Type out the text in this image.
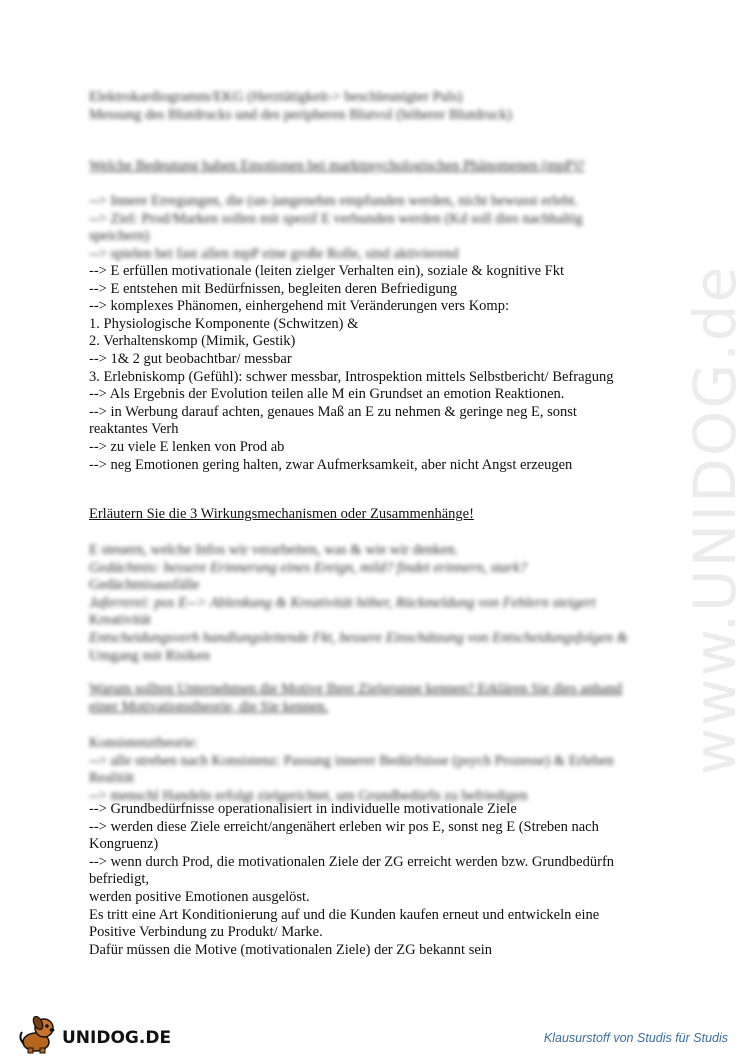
www.UNIDOG.de
Elektrokardiogramm/EKG (Herztätigkeit-> beschleunigter Puls)
Messung des Blutdrucks und des peripheren Blutvol (höherer Blutdruck)
Welche Bedeutung haben Emotionen bei marktpsychologischen Phänomenen (mpP)?
--> Innere Erregungen, die (un-)angenehm empfunden werden, nicht bewusst erlebt.
--> Ziel: Prod/Marken sollen mit spezif E verbunden werden (Kd soll dies nachhaltig
speichern)
--> spielen bei fast allen mpP eine große Rolle, sind aktivierend
--> E erfüllen motivationale (leiten zielger Verhalten ein), soziale & kognitive Fkt
--> E entstehen mit Bedürfnissen, begleiten deren Befriedigung
--> komplexes Phänomen, einhergehend mit Veränderungen vers Komp:
1. Physiologische Komponente (Schwitzen) &
2. Verhaltenskomp (Mimik, Gestik)
--> 1& 2 gut beobachtbar/ messbar
3. Erlebniskomp (Gefühl): schwer messbar, Introspektion mittels Selbstbericht/ Befragung
--> Als Ergebnis der Evolution teilen alle M ein Grundset an emotion Reaktionen.
--> in Werbung darauf achten, genaues Maß an E zu nehmen & geringe neg E, sonst
reaktantes Verh
--> zu viele E lenken von Prod ab
--> neg Emotionen gering halten, zwar Aufmerksamkeit, aber nicht Angst erzeugen
Erläutern Sie die 3 Wirkungsmechanismen oder Zusammenhänge!
E steuern, welche Infos wir verarbeiten, was & wie wir denken.
Gedächtnis: bessere Erinnerung eines Ereign, mild? findet erinnern, stark?
Gedächtnisausfälle
Jaferrerei: pos E--> Ablenkung & Kreativität höher, Rückmeldung von Fehlern steigert
Kreativität
Entscheidungsverh handlungsleitende Fkt, bessere Einschätzung von Entscheidungsfolgen &
Umgang mit Risiken
Warum sollten Unternehmen die Motive Ihrer Zielgruppe kennen? Erklären Sie dies anhand
einer Motivationstheorie, die Sie kennen.
Konsistenztheorie:
--> alle streben nach Konsistenz: Passung innerer Bedürfnisse (psych Prozesse) & Erleben
Realität
--> menschl Handeln erfolgt zielgerichtet, um Grundbedürfn zu befriedigen
--> Grundbedürfnisse operationalisiert in individuelle motivationale Ziele
--> werden diese Ziele erreicht/angenähert erleben wir pos E, sonst neg E (Streben nach
Kongruenz)
--> wenn durch Prod, die motivationalen Ziele der ZG erreicht werden bzw. Grundbedürfn
befriedigt,
werden positive Emotionen ausgelöst.
Es tritt eine Art Konditionierung auf und die Kunden kaufen erneut und entwickeln eine
Positive Verbindung zu Produkt/ Marke.
Dafür müssen die Motive (motivationalen Ziele) der ZG bekannt sein
UNIDOG.DE	Klausurstoff von Studis für Studis
